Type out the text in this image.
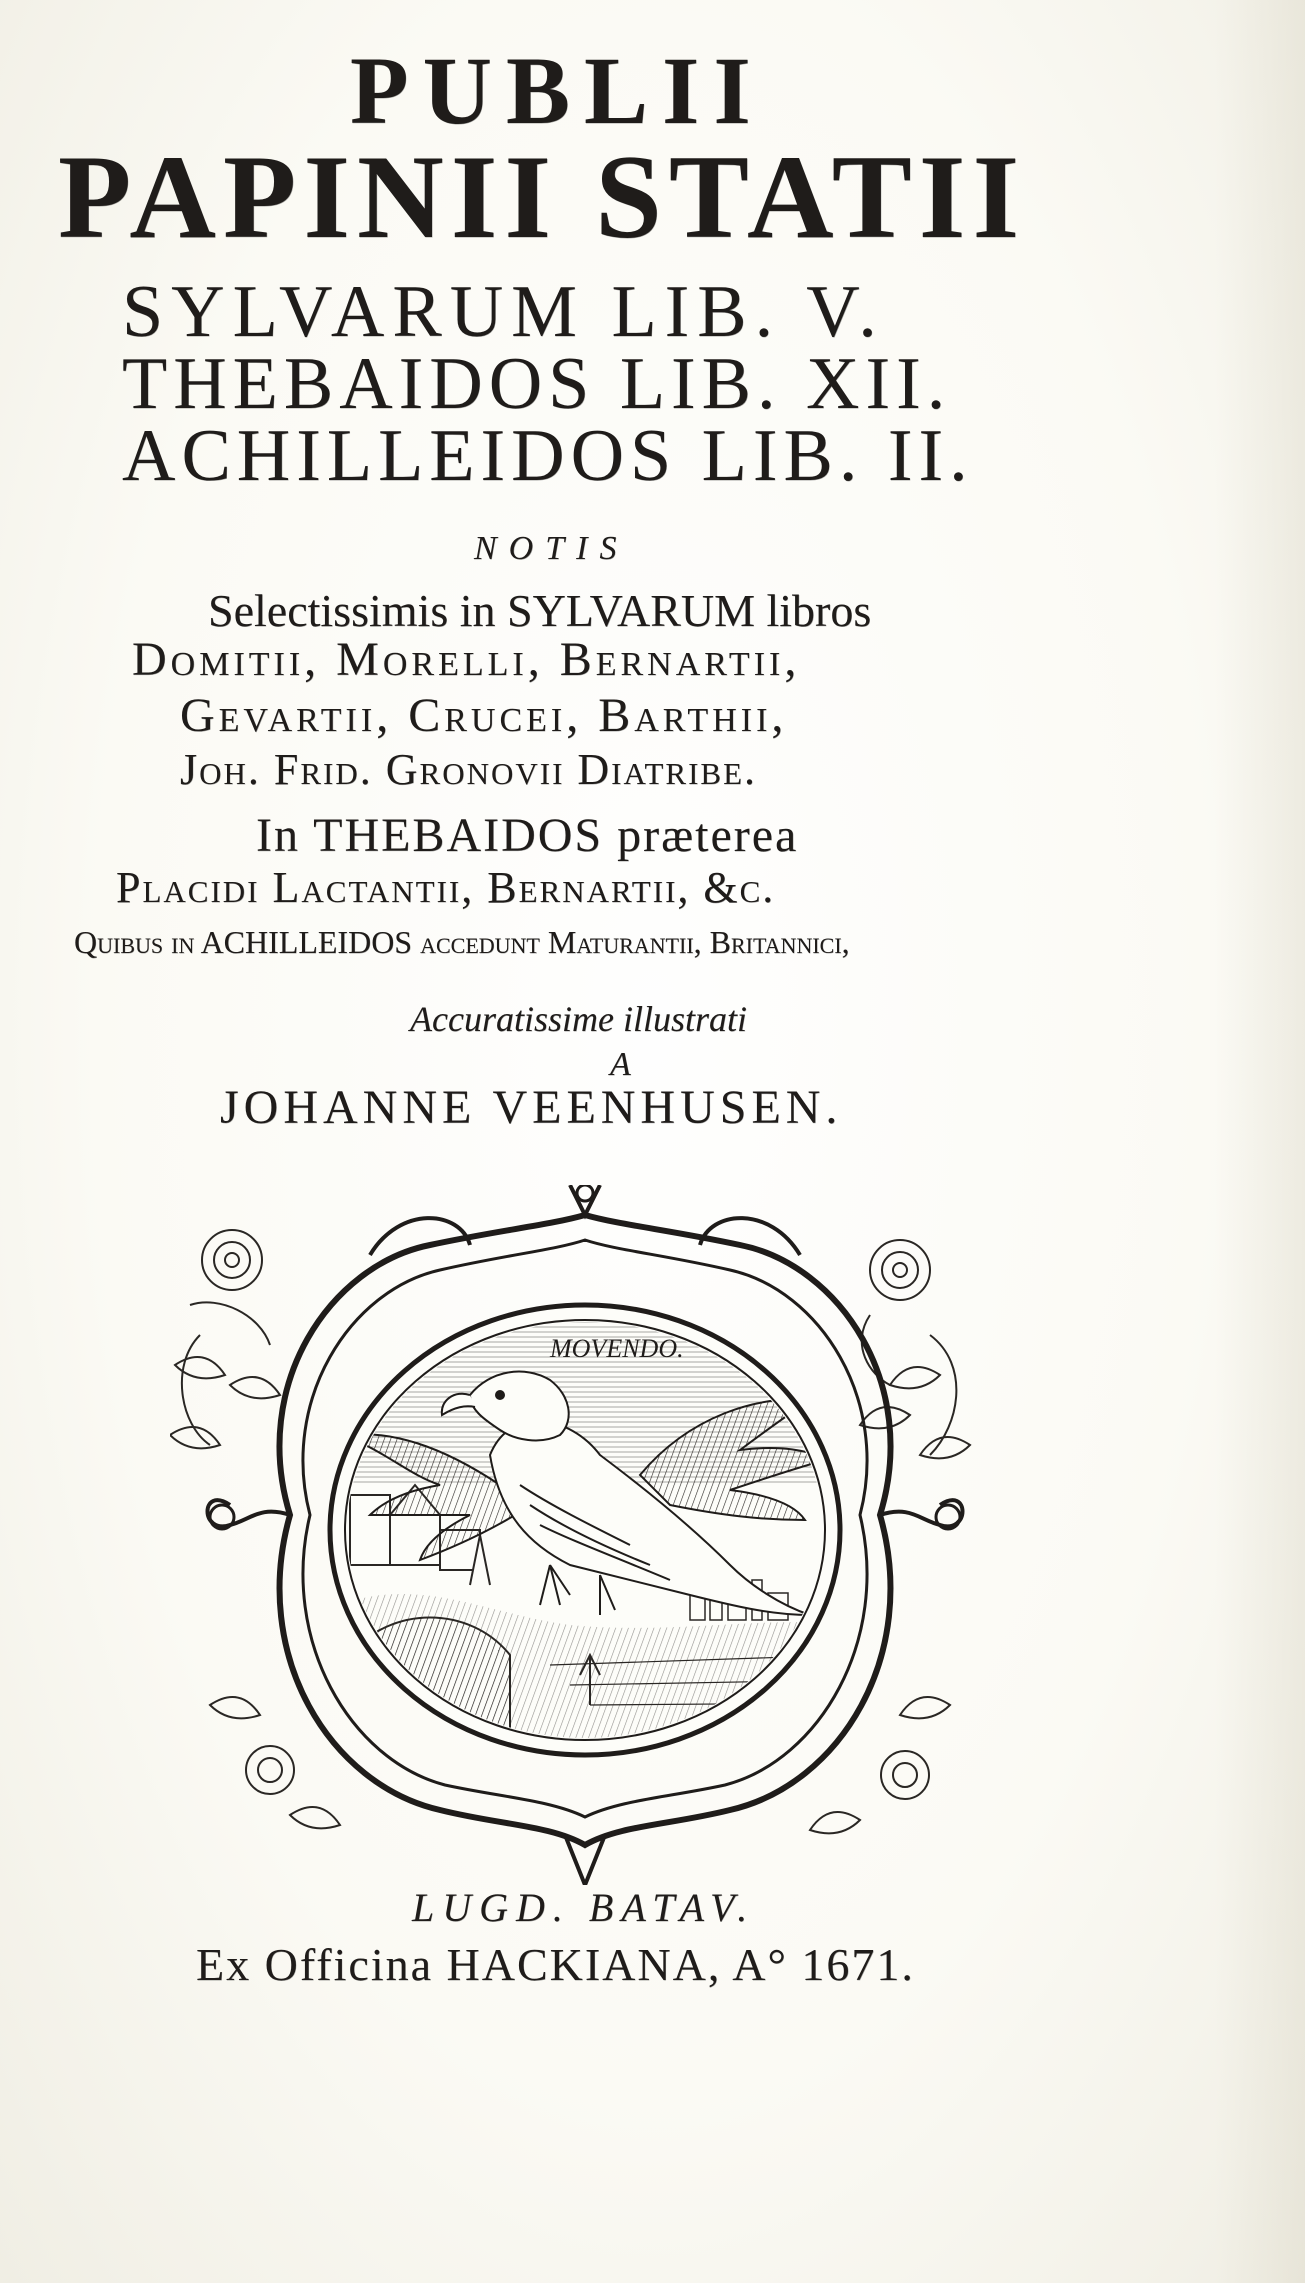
PUBLII
PAPINII STATII
SYLVARUM LIB. V.
THEBAIDOS LIB. XII.
ACHILLEIDOS LIB. II.
NOTIS
Selectissimis in SYLVARUM libros
Domitii, Morelli, Bernartii,
Gevartii, Crucei, Barthii,
Joh. Frid. Gronovii Diatribe.
In THEBAIDOS præterea
Placidi Lactantii, Bernartii, &c.
Quibus in ACHILLEIDOS accedunt Maturantii, Britannici,
Accuratissime illustrati
A
JOHANNE VEENHUSEN.
MOVENDO.
LUGD. BATAV.
Ex Officina HACKIANA, A° 1671.
